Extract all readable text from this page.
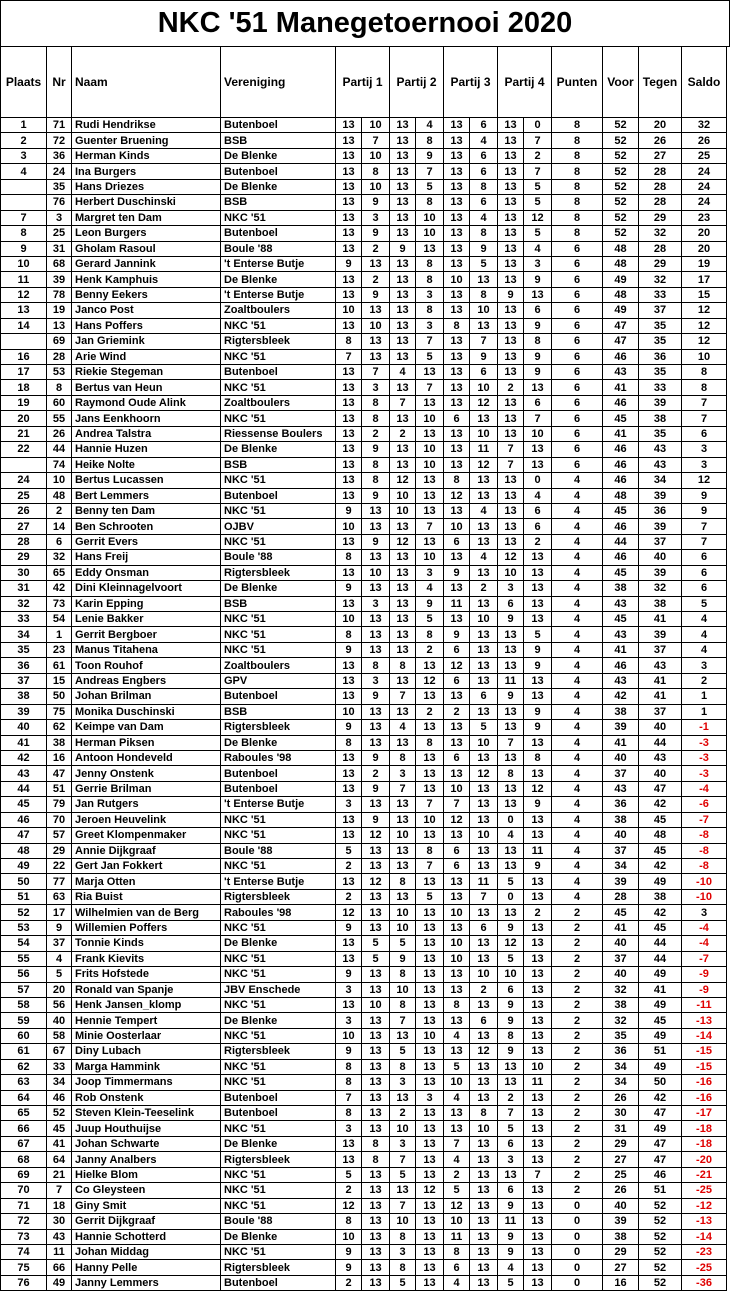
NKC '51 Manegetoernooi 2020
Plaats	Nr	Naam	Vereniging	Partij 1		Partij 2		Partij 3		Partij 4		Punten	Voor	Tegen	Saldo
1	71	Rudi Hendrikse	Butenboel	13	10	13	4	13	6	13	0	8	52	20	32
2	72	Guenter Bruening	BSB	13	7	13	8	13	4	13	7	8	52	26	26
3	36	Herman Kinds	De Blenke	13	10	13	9	13	6	13	2	8	52	27	25
4	24	Ina Burgers	Butenboel	13	8	13	7	13	6	13	7	8	52	28	24
	35	Hans Driezes	De Blenke	13	10	13	5	13	8	13	5	8	52	28	24
	76	Herbert Duschinski	BSB	13	9	13	8	13	6	13	5	8	52	28	24
7	3	Margret ten Dam	NKC '51	13	3	13	10	13	4	13	12	8	52	29	23
8	25	Leon Burgers	Butenboel	13	9	13	10	13	8	13	5	8	52	32	20
9	31	Gholam Rasoul	Boule '88	13	2	9	13	13	9	13	4	6	48	28	20
10	68	Gerard Jannink	't Enterse Butje	9	13	13	8	13	5	13	3	6	48	29	19
11	39	Henk Kamphuis	De Blenke	13	2	13	8	10	13	13	9	6	49	32	17
12	78	Benny Eekers	't Enterse Butje	13	9	13	3	13	8	9	13	6	48	33	15
13	19	Janco Post	Zoaltboulers	10	13	13	8	13	10	13	6	6	49	37	12
14	13	Hans Poffers	NKC '51	13	10	13	3	8	13	13	9	6	47	35	12
	69	Jan Griemink	Rigtersbleek	8	13	13	7	13	7	13	8	6	47	35	12
16	28	Arie Wind	NKC '51	7	13	13	5	13	9	13	9	6	46	36	10
17	53	Riekie Stegeman	Butenboel	13	7	4	13	13	6	13	9	6	43	35	8
18	8	Bertus van Heun	NKC '51	13	3	13	7	13	10	2	13	6	41	33	8
19	60	Raymond Oude Alink	Zoaltboulers	13	8	7	13	13	12	13	6	6	46	39	7
20	55	Jans Eenkhoorn	NKC '51	13	8	13	10	6	13	13	7	6	45	38	7
21	26	Andrea Talstra	Riessense Boulers	13	2	2	13	13	10	13	10	6	41	35	6
22	44	Hannie Huzen	De Blenke	13	9	13	10	13	11	7	13	6	46	43	3
	74	Heike Nolte	BSB	13	8	13	10	13	12	7	13	6	46	43	3
24	10	Bertus Lucassen	NKC '51	13	8	12	13	8	13	13	0	4	46	34	12
25	48	Bert Lemmers	Butenboel	13	9	10	13	12	13	13	4	4	48	39	9
26	2	Benny ten Dam	NKC '51	9	13	10	13	13	4	13	6	4	45	36	9
27	14	Ben Schrooten	OJBV	10	13	13	7	10	13	13	6	4	46	39	7
28	6	Gerrit Evers	NKC '51	13	9	12	13	6	13	13	2	4	44	37	7
29	32	Hans Freij	Boule '88	8	13	13	10	13	4	12	13	4	46	40	6
30	65	Eddy Onsman	Rigtersbleek	13	10	13	3	9	13	10	13	4	45	39	6
31	42	Dini Kleinnagelvoort	De Blenke	9	13	13	4	13	2	3	13	4	38	32	6
32	73	Karin Epping	BSB	13	3	13	9	11	13	6	13	4	43	38	5
33	54	Lenie Bakker	NKC '51	10	13	13	5	13	10	9	13	4	45	41	4
34	1	Gerrit Bergboer	NKC '51	8	13	13	8	9	13	13	5	4	43	39	4
35	23	Manus Titahena	NKC '51	9	13	13	2	6	13	13	9	4	41	37	4
36	61	Toon Rouhof	Zoaltboulers	13	8	8	13	12	13	13	9	4	46	43	3
37	15	Andreas Engbers	GPV	13	3	13	12	6	13	11	13	4	43	41	2
38	50	Johan Brilman	Butenboel	13	9	7	13	13	6	9	13	4	42	41	1
39	75	Monika Duschinski	BSB	10	13	13	2	2	13	13	9	4	38	37	1
40	62	Keimpe van Dam	Rigtersbleek	9	13	4	13	13	5	13	9	4	39	40	-1
41	38	Herman Piksen	De Blenke	8	13	13	8	13	10	7	13	4	41	44	-3
42	16	Antoon Hondeveld	Raboules '98	13	9	8	13	6	13	13	8	4	40	43	-3
43	47	Jenny Onstenk	Butenboel	13	2	3	13	13	12	8	13	4	37	40	-3
44	51	Gerrie Brilman	Butenboel	13	9	7	13	10	13	13	12	4	43	47	-4
45	79	Jan Rutgers	't Enterse Butje	3	13	13	7	7	13	13	9	4	36	42	-6
46	70	Jeroen Heuvelink	NKC '51	13	9	13	10	12	13	0	13	4	38	45	-7
47	57	Greet Klompenmaker	NKC '51	13	12	10	13	13	10	4	13	4	40	48	-8
48	29	Annie Dijkgraaf	Boule '88	5	13	13	8	6	13	13	11	4	37	45	-8
49	22	Gert Jan Fokkert	NKC '51	2	13	13	7	6	13	13	9	4	34	42	-8
50	77	Marja Otten	't Enterse Butje	13	12	8	13	13	11	5	13	4	39	49	-10
51	63	Ria Buist	Rigtersbleek	2	13	13	5	13	7	0	13	4	28	38	-10
52	17	Wilhelmien van de Berg	Raboules '98	12	13	10	13	10	13	13	2	2	45	42	3
53	9	Willemien Poffers	NKC '51	9	13	10	13	13	6	9	13	2	41	45	-4
54	37	Tonnie Kinds	De Blenke	13	5	5	13	10	13	12	13	2	40	44	-4
55	4	Frank Kievits	NKC '51	13	5	9	13	10	13	5	13	2	37	44	-7
56	5	Frits Hofstede	NKC '51	9	13	8	13	13	10	10	13	2	40	49	-9
57	20	Ronald van Spanje	JBV Enschede	3	13	10	13	13	2	6	13	2	32	41	-9
58	56	Henk Jansen_klomp	NKC '51	13	10	8	13	8	13	9	13	2	38	49	-11
59	40	Hennie Tempert	De Blenke	3	13	7	13	13	6	9	13	2	32	45	-13
60	58	Minie Oosterlaar	NKC '51	10	13	13	10	4	13	8	13	2	35	49	-14
61	67	Diny Lubach	Rigtersbleek	9	13	5	13	13	12	9	13	2	36	51	-15
62	33	Marga Hammink	NKC '51	8	13	8	13	5	13	13	10	2	34	49	-15
63	34	Joop Timmermans	NKC '51	8	13	3	13	10	13	13	11	2	34	50	-16
64	46	Rob Onstenk	Butenboel	7	13	13	3	4	13	2	13	2	26	42	-16
65	52	Steven Klein-Teeselink	Butenboel	8	13	2	13	13	8	7	13	2	30	47	-17
66	45	Juup Houthuijse	NKC '51	3	13	10	13	13	10	5	13	2	31	49	-18
67	41	Johan Schwarte	De Blenke	13	8	3	13	7	13	6	13	2	29	47	-18
68	64	Janny Analbers	Rigtersbleek	13	8	7	13	4	13	3	13	2	27	47	-20
69	21	Hielke Blom	NKC '51	5	13	5	13	2	13	13	7	2	25	46	-21
70	7	Co Gleysteen	NKC '51	2	13	13	12	5	13	6	13	2	26	51	-25
71	18	Giny Smit	NKC '51	12	13	7	13	12	13	9	13	0	40	52	-12
72	30	Gerrit Dijkgraaf	Boule '88	8	13	10	13	10	13	11	13	0	39	52	-13
73	43	Hannie Schotterd	De Blenke	10	13	8	13	11	13	9	13	0	38	52	-14
74	11	Johan Middag	NKC '51	9	13	3	13	8	13	9	13	0	29	52	-23
75	66	Hanny Pelle	Rigtersbleek	9	13	8	13	6	13	4	13	0	27	52	-25
76	49	Janny Lemmers	Butenboel	2	13	5	13	4	13	5	13	0	16	52	-36
